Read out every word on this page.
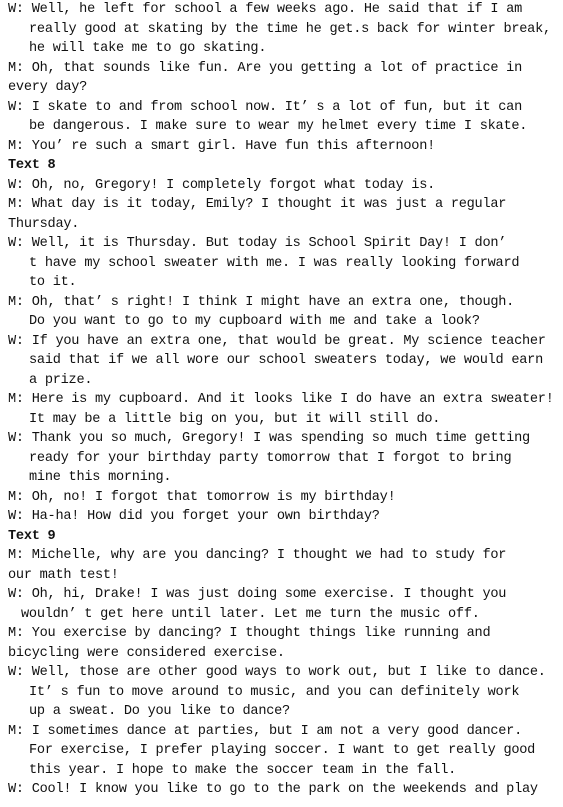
W: Well, he left for school a few weeks ago. He said that if I am
really good at skating by the time he get.s back for winter break,
he will take me to go skating.
M: Oh, that sounds like fun. Are you getting a lot of practice in
every day?
W: I skate to and from school now. It’ s a lot of fun, but it can
be dangerous. I make sure to wear my helmet every time I skate.
M: You’ re such a smart girl. Have fun this afternoon!
Text 8
W: Oh, no, Gregory! I completely forgot what today is.
M: What day is it today, Emily? I thought it was just a regular
Thursday.
W: Well, it is Thursday. But today is School Spirit Day! I don’
t have my school sweater with me. I was really looking forward
to it.
M: Oh, that’ s right! I think I might have an extra one, though.
Do you want to go to my cupboard with me and take a look?
W: If you have an extra one, that would be great. My science teacher
said that if we all wore our school sweaters today, we would earn
a prize.
M: Here is my cupboard. And it looks like I do have an extra sweater!
It may be a little big on you, but it will still do.
W: Thank you so much, Gregory! I was spending so much time getting
ready for your birthday party tomorrow that I forgot to bring
mine this morning.
M: Oh, no! I forgot that tomorrow is my birthday!
W: Ha-ha! How did you forget your own birthday?
Text 9
M: Michelle, why are you dancing? I thought we had to study for
our math test!
W: Oh, hi, Drake! I was just doing some exercise. I thought you
wouldn’ t get here until later. Let me turn the music off.
M: You exercise by dancing? I thought things like running and
bicycling were considered exercise.
W: Well, those are other good ways to work out, but I like to dance.
It’ s fun to move around to music, and you can definitely work
up a sweat. Do you like to dance?
M: I sometimes dance at parties, but I am not a very good dancer.
For exercise, I prefer playing soccer. I want to get really good
this year. I hope to make the soccer team in the fall.
W: Cool! I know you like to go to the park on the weekends and play
